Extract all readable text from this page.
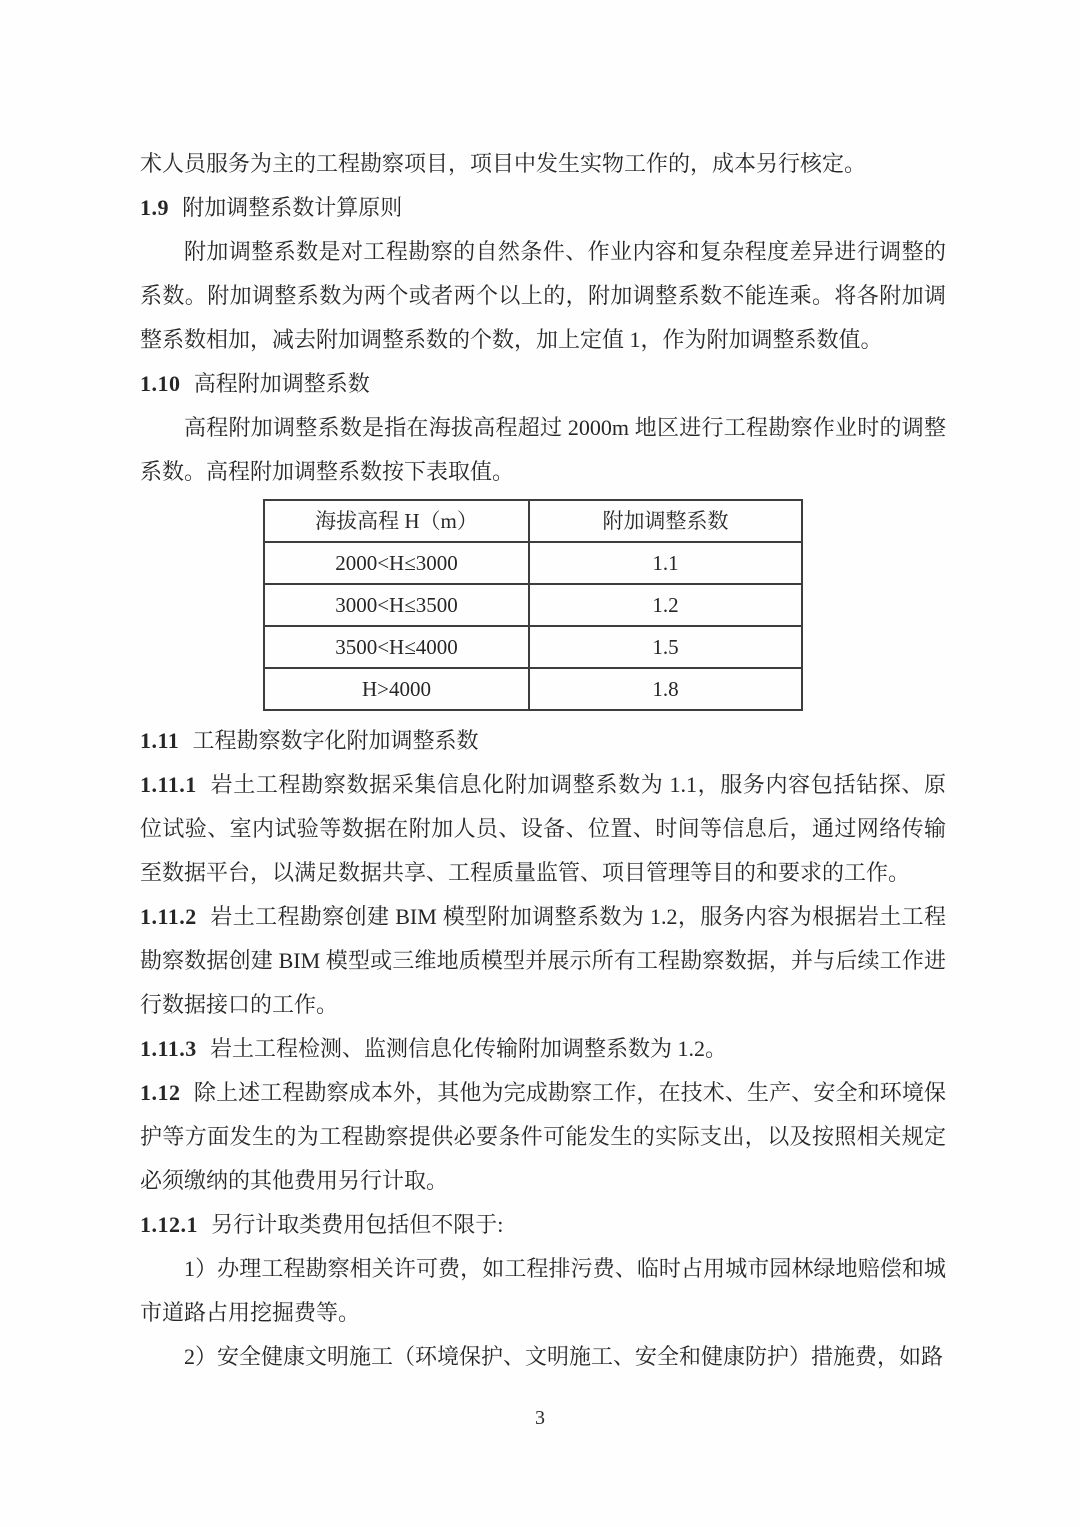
术人员服务为主的工程勘察项目，项目中发生实物工作的，成本另行核定。

1.9 附加调整系数计算原则

附加调整系数是对工程勘察的自然条件、作业内容和复杂程度差异进行调整的系数。附加调整系数为两个或者两个以上的，附加调整系数不能连乘。将各附加调整系数相加，减去附加调整系数的个数，加上定值 1，作为附加调整系数值。

1.10 高程附加调整系数

高程附加调整系数是指在海拔高程超过 2000m 地区进行工程勘察作业时的调整系数。高程附加调整系数按下表取值。

海拔高程 H（m）	附加调整系数
2000<H≤3000	1.1
3000<H≤3500	1.2
3500<H≤4000	1.5
H>4000	1.8
1.11 工程勘察数字化附加调整系数

1.11.1 岩土工程勘察数据采集信息化附加调整系数为 1.1，服务内容包括钻探、原位试验、室内试验等数据在附加人员、设备、位置、时间等信息后，通过网络传输至数据平台，以满足数据共享、工程质量监管、项目管理等目的和要求的工作。

1.11.2 岩土工程勘察创建 BIM 模型附加调整系数为 1.2，服务内容为根据岩土工程勘察数据创建 BIM 模型或三维地质模型并展示所有工程勘察数据，并与后续工作进行数据接口的工作。

1.11.3 岩土工程检测、监测信息化传输附加调整系数为 1.2。

1.12 除上述工程勘察成本外，其他为完成勘察工作，在技术、生产、安全和环境保护等方面发生的为工程勘察提供必要条件可能发生的实际支出，以及按照相关规定必须缴纳的其他费用另行计取。

1.12.1 另行计取类费用包括但不限于:

1）办理工程勘察相关许可费，如工程排污费、临时占用城市园林绿地赔偿和城市道路占用挖掘费等。

2）安全健康文明施工（环境保护、文明施工、安全和健康防护）措施费，如路

3
